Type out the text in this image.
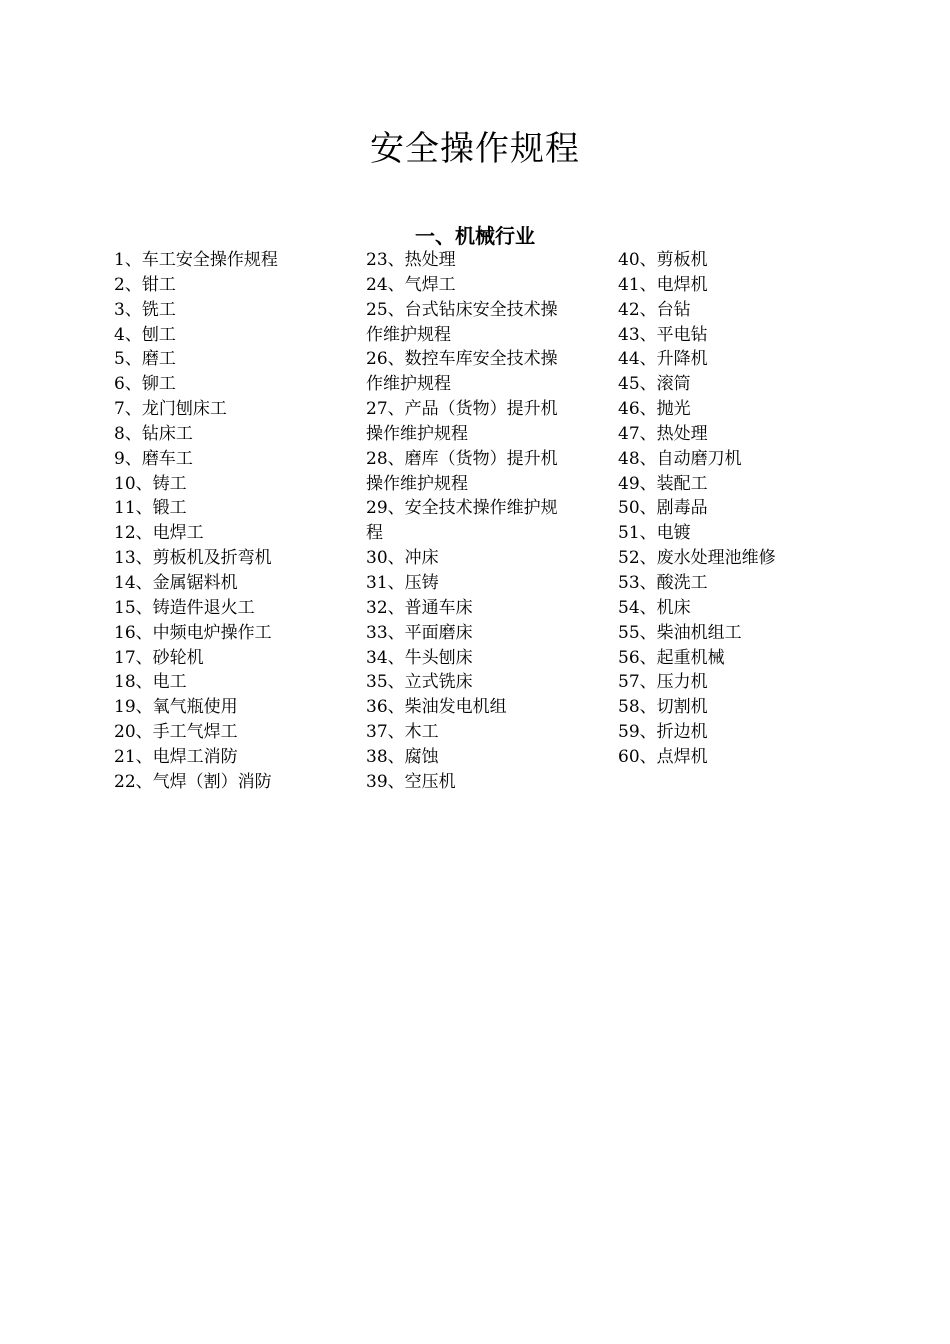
安全操作规程
一、机械行业
1、车工安全操作规程
2、钳工
3、铣工
4、刨工
5、磨工
6、铆工
7、龙门刨床工
8、钻床工
9、磨车工
10、铸工
11、锻工
12、电焊工
13、剪板机及折弯机
14、金属锯料机
15、铸造件退火工
16、中频电炉操作工
17、砂轮机
18、电工
19、氧气瓶使用
20、手工气焊工
21、电焊工消防
22、气焊（割）消防
23、热处理
24、气焊工
25、台式钻床安全技术操
作维护规程
26、数控车库安全技术操
作维护规程
27、产品（货物）提升机
操作维护规程
28、磨库（货物）提升机
操作维护规程
29、安全技术操作维护规
程
30、冲床
31、压铸
32、普通车床
33、平面磨床
34、牛头刨床
35、立式铣床
36、柴油发电机组
37、木工
38、腐蚀
39、空压机
40、剪板机
41、电焊机
42、台钻
43、平电钻
44、升降机
45、滚筒
46、抛光
47、热处理
48、自动磨刀机
49、装配工
50、剧毒品
51、电镀
52、废水处理池维修
53、酸洗工
54、机床
55、柴油机组工
56、起重机械
57、压力机
58、切割机
59、折边机
60、点焊机
